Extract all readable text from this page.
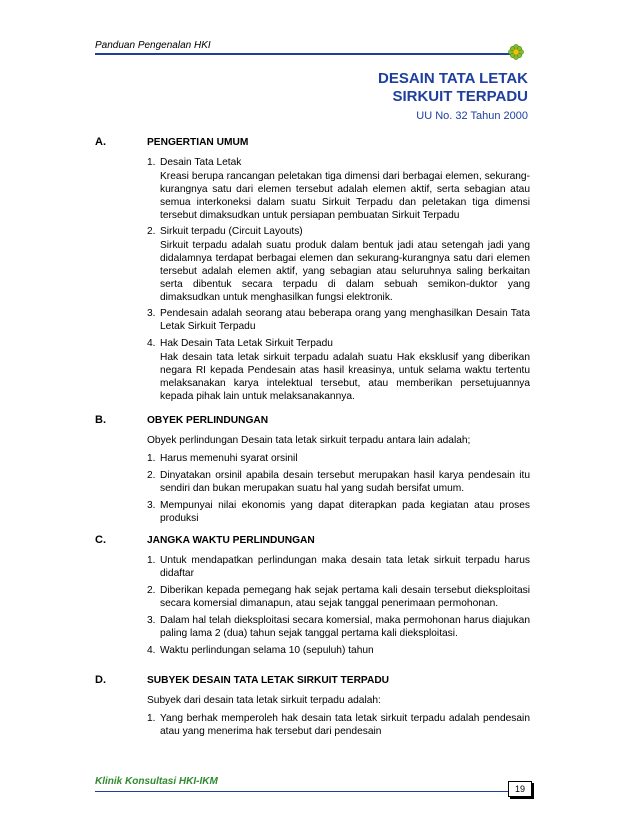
Panduan Pengenalan HKI
DESAIN TATA LETAK
SIRKUIT TERPADU
UU No. 32 Tahun 2000
A.	PENGERTIAN UMUM
1. Desain Tata Letak
Kreasi berupa rancangan peletakan tiga dimensi dari berbagai elemen, sekurang-kurangnya satu dari elemen tersebut adalah elemen aktif, serta sebagian atau semua interkoneksi dalam suatu Sirkuit Terpadu dan peletakan tiga dimensi tersebut dimaksudkan untuk persiapan pembuatan Sirkuit Terpadu
2. Sirkuit terpadu (Circuit Layouts)
Sirkuit terpadu adalah suatu produk dalam bentuk jadi atau setengah jadi yang didalamnya terdapat berbagai elemen dan sekurang-kurangnya satu dari elemen tersebut adalah elemen aktif, yang sebagian atau seluruhnya saling berkaitan serta dibentuk secara terpadu di dalam sebuah semikon-duktor yang dimaksudkan untuk menghasilkan fungsi elektronik.
3. Pendesain adalah seorang atau beberapa orang yang menghasilkan Desain Tata Letak Sirkuit Terpadu
4. Hak Desain Tata Letak Sirkuit Terpadu
Hak desain tata letak sirkuit terpadu adalah suatu Hak eksklusif yang diberikan negara RI kepada Pendesain atas hasil kreasinya, untuk selama waktu tertentu melaksanakan karya intelektual tersebut, atau memberikan persetujuannya kepada pihak lain untuk melaksanakannya.
B.	OBYEK PERLINDUNGAN
Obyek perlindungan Desain tata letak sirkuit terpadu antara lain adalah;
1. Harus memenuhi syarat orsinil
2. Dinyatakan orsinil apabila desain tersebut merupakan hasil karya pendesain itu sendiri dan bukan merupakan suatu hal yang sudah bersifat umum.
3. Mempunyai nilai ekonomis yang dapat diterapkan pada kegiatan atau proses produksi
C.	JANGKA WAKTU PERLINDUNGAN
1. Untuk mendapatkan perlindungan maka desain tata letak sirkuit terpadu harus didaftar
2. Diberikan kepada pemegang hak sejak pertama kali desain tersebut dieksploitasi secara komersial dimanapun, atau sejak tanggal penerimaan permohonan.
3. Dalam hal telah dieksploitasi secara komersial, maka permohonan harus diajukan paling lama 2 (dua) tahun sejak tanggal pertama kali dieksploitasi.
4. Waktu perlindungan selama 10 (sepuluh) tahun
D.	SUBYEK DESAIN TATA LETAK SIRKUIT TERPADU
Subyek dari desain tata letak sirkuit terpadu adalah:
1. Yang berhak memperoleh hak desain tata letak sirkuit terpadu adalah pendesain atau yang menerima hak tersebut dari pendesain
Klinik Konsultasi HKI-IKM
19
